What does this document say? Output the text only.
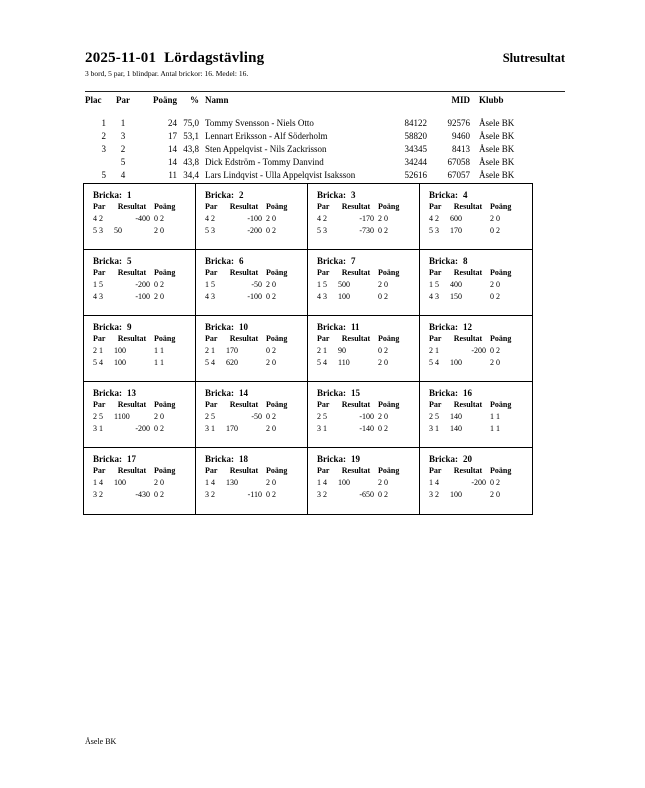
2025-11-01  Lördagstävling	Slutresultat
3 bord, 5 par, 1 blindpar. Antal brickor: 16. Medel: 16.
Plac	Par	Poäng	%	Namn	MID		Klubb
1	1	24	75,0	Tommy Svensson - Niels Otto	84122	92576	Åsele BK
2	3	17	53,1	Lennart Eriksson - Alf Söderholm	58820	9460	Åsele BK
3	2	14	43,8	Sten Appelqvist - Nils Zackrisson	34345	8413	Åsele BK
	5	14	43,8	Dick Edström - Tommy Danvind	34244	67058	Åsele BK
5	4	11	34,4	Lars Lindqvist - Ulla Appelqvist Isaksson	52616	67057	Åsele BK
Bricka: 1
Par	Resultat Poäng
4 2	-400 0 2
5 3	50	2 0
Bricka: 2
Par	Resultat Poäng
4 2	-100 2 0
5 3	-200 0 2
Bricka: 3
Par	Resultat Poäng
4 2	-170 2 0
5 3	-730 0 2
Bricka: 4
Par	Resultat Poäng
4 2	600	2 0
5 3	170	0 2
Bricka: 5
Par	Resultat Poäng
1 5	-200 0 2
4 3	-100 2 0
Bricka: 6
Par	Resultat Poäng
1 5	-50 2 0
4 3	-100 0 2
Bricka: 7
Par	Resultat Poäng
1 5	500	2 0
4 3	100	0 2
Bricka: 8
Par	Resultat Poäng
1 5	400	2 0
4 3	150	0 2
Bricka: 9
Par	Resultat Poäng
2 1	100	1 1
5 4	100	1 1
Bricka: 10
Par	Resultat Poäng
2 1	170	0 2
5 4	620	2 0
Bricka: 11
Par	Resultat Poäng
2 1	90	0 2
5 4	110	2 0
Bricka: 12
Par	Resultat Poäng
2 1	-200 0 2
5 4	100	2 0
Bricka: 13
Par	Resultat Poäng
2 5	1100	2 0
3 1	-200 0 2
Bricka: 14
Par	Resultat Poäng
2 5	-50 0 2
3 1	170	2 0
Bricka: 15
Par	Resultat Poäng
2 5	-100 2 0
3 1	-140 0 2
Bricka: 16
Par	Resultat Poäng
2 5	140	1 1
3 1	140	1 1
Bricka: 17
Par	Resultat Poäng
1 4	100	2 0
3 2	-430 0 2
Bricka: 18
Par	Resultat Poäng
1 4	130	2 0
3 2	-110 0 2
Bricka: 19
Par	Resultat Poäng
1 4	100	2 0
3 2	-650 0 2
Bricka: 20
Par	Resultat Poäng
1 4	-200 0 2
3 2	100	2 0
Åsele BK
